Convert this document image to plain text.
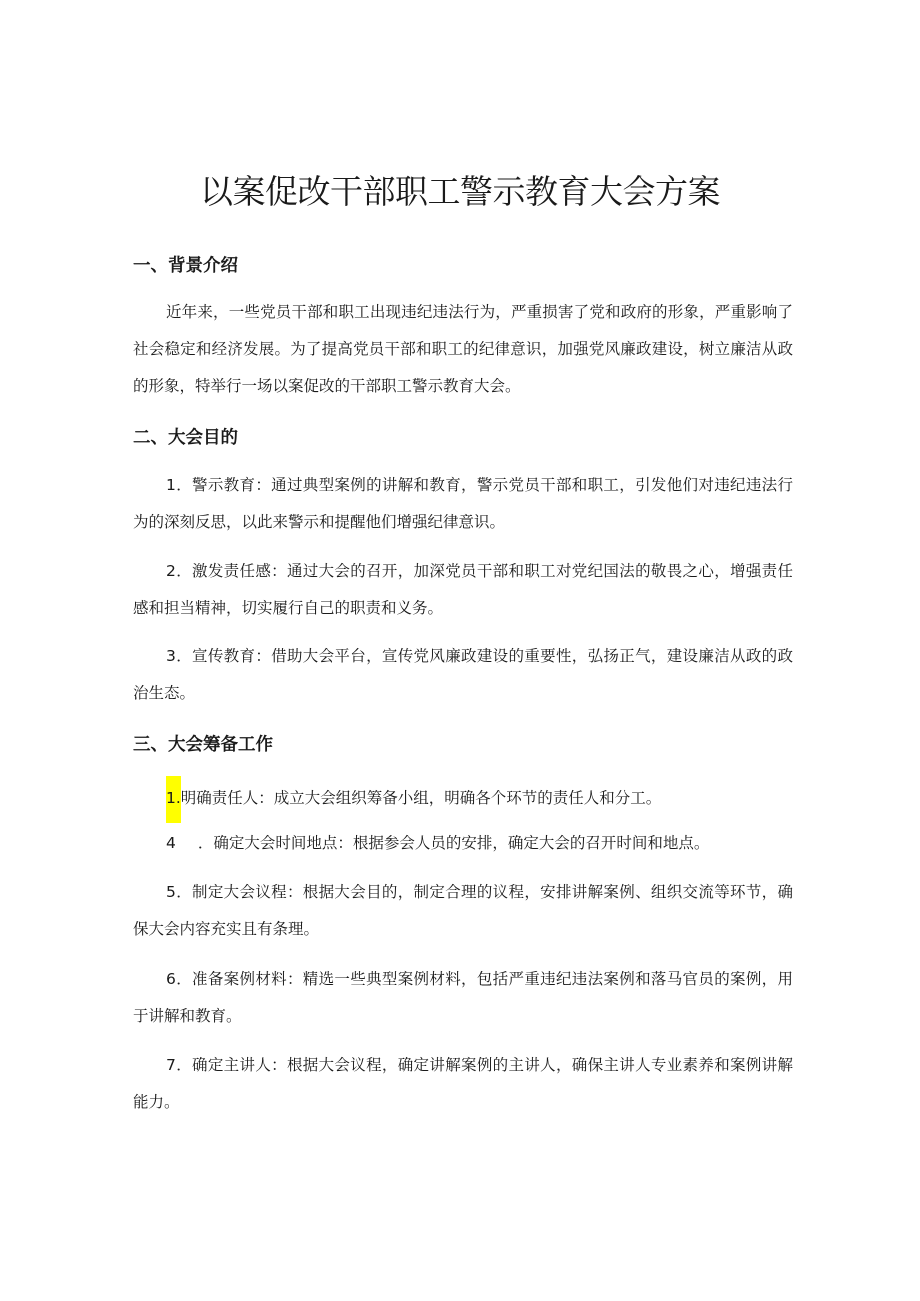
以案促改干部职工警示教育大会方案
一、背景介绍

近年来，一些党员干部和职工出现违纪违法行为，严重损害了党和政府的形象，严重影响了社会稳定和经济发展。为了提高党员干部和职工的纪律意识，加强党风廉政建设，树立廉洁从政的形象，特举行一场以案促改的干部职工警示教育大会。

二、大会目的

1．警示教育：通过典型案例的讲解和教育，警示党员干部和职工，引发他们对违纪违法行为的深刻反思，以此来警示和提醒他们增强纪律意识。

2．激发责任感：通过大会的召开，加深党员干部和职工对党纪国法的敬畏之心，增强责任感和担当精神，切实履行自己的职责和义务。

3．宣传教育：借助大会平台，宣传党风廉政建设的重要性，弘扬正气，建设廉洁从政的政治生态。

三、大会筹备工作

1.明确责任人：成立大会组织筹备小组，明确各个环节的责任人和分工。

4 ．确定大会时间地点：根据参会人员的安排，确定大会的召开时间和地点。

5．制定大会议程：根据大会目的，制定合理的议程，安排讲解案例、组织交流等环节，确保大会内容充实且有条理。

6．准备案例材料：精选一些典型案例材料，包括严重违纪违法案例和落马官员的案例，用于讲解和教育。

7．确定主讲人：根据大会议程，确定讲解案例的主讲人，确保主讲人专业素养和案例讲解能力。
